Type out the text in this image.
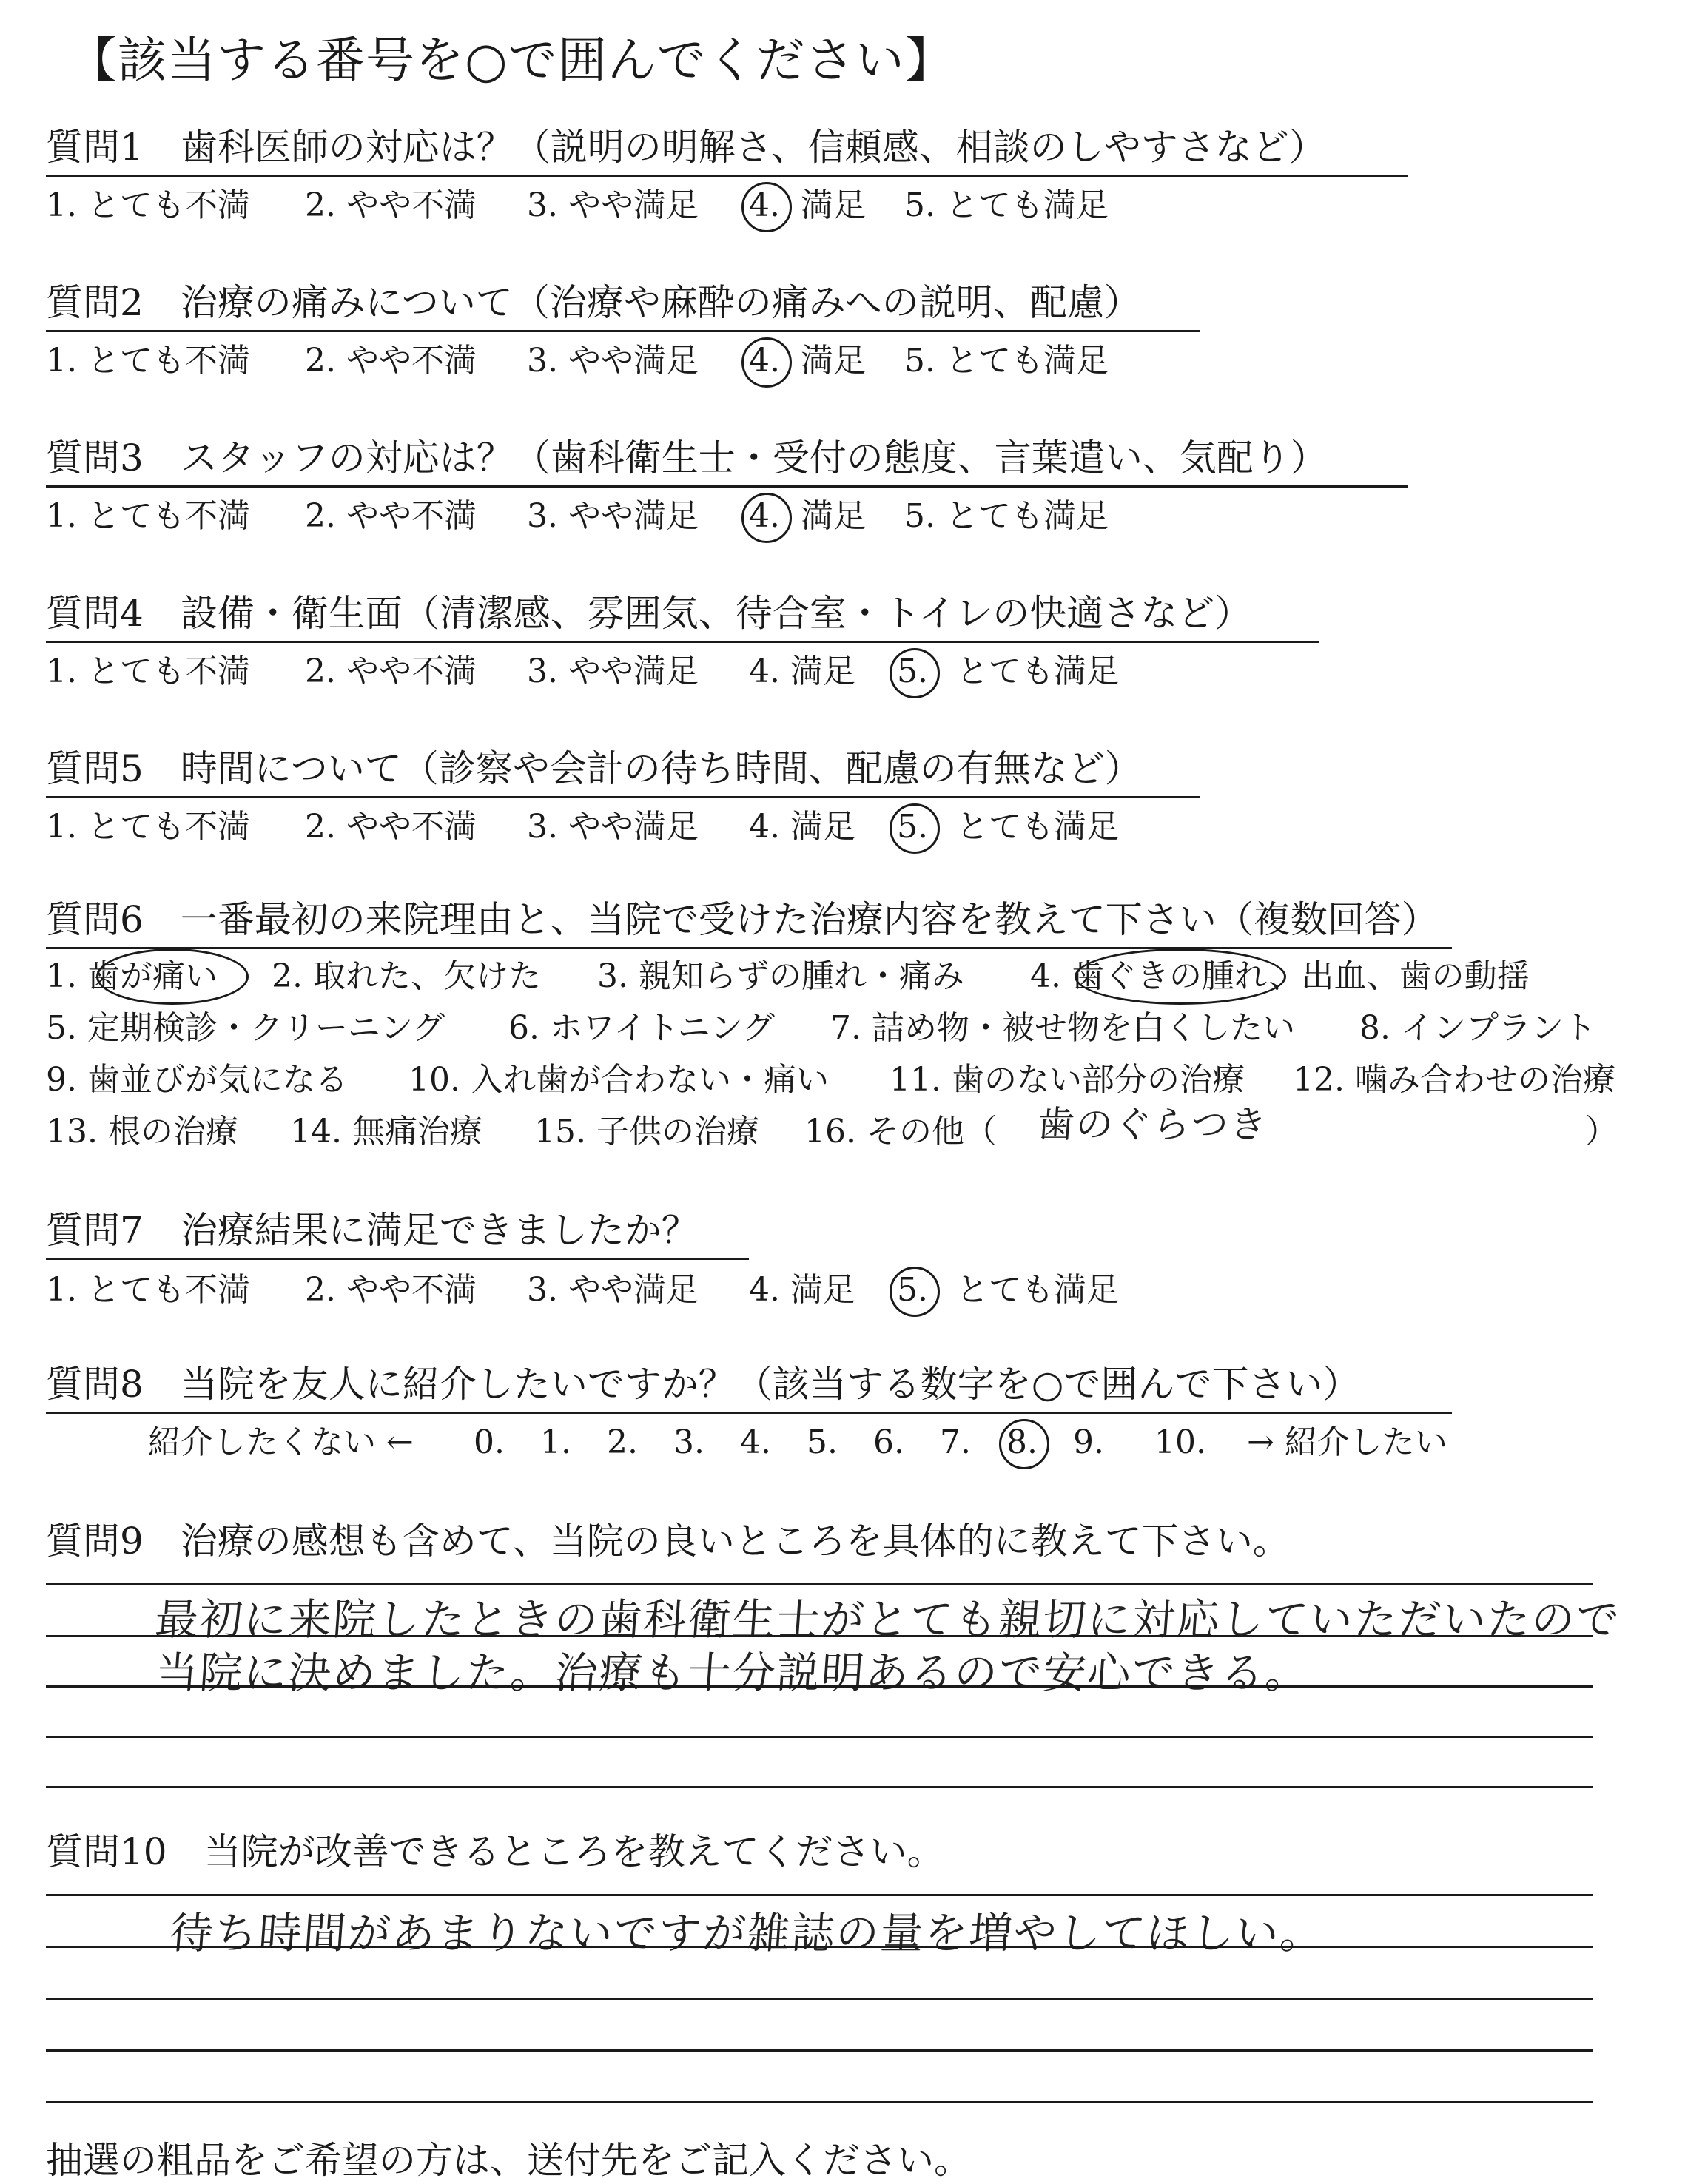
【該当する番号を○で囲んでください】
質問1　 歯科医師の対応は？（説明の明解さ、信頼感、相談のしやすさなど）
1. とても不満 2. やや不満 3. やや満足 4. 満足 5. とても満足
質問2　 治療の痛みについて（治療や麻酔の痛みへの説明、配慮）
1. とても不満 2. やや不満 3. やや満足 4. 満足 5. とても満足
質問3　 スタッフの対応は？（歯科衛生士・受付の態度、言葉遣い、気配り）
1. とても不満 2. やや不満 3. やや満足 4. 満足 5. とても満足
質問4　 設備・衛生面（清潔感、雰囲気、待合室・トイレの快適さなど）
1. とても不満 2. やや不満 3. やや満足 4. 満足 5. とても満足
質問5　 時間について（診察や会計の待ち時間、配慮の有無など）
1. とても不満 2. やや不満 3. やや満足 4. 満足 5. とても満足
質問6　 一番最初の来院理由と、当院で受けた治療内容を教えて下さい（複数回答）
1. 歯が痛い 2. 取れた、欠けた 3. 親知らずの腫れ・痛み 4. 歯ぐきの腫れ、出血、歯の動揺
5. 定期検診・クリーニング 6. ホワイトニング 7. 詰め物・被せ物を白くしたい 8. インプラント
9. 歯並びが気になる 10. 入れ歯が合わない・痛い 11. 歯のない部分の治療 12. 噛み合わせの治療
13. 根の治療 14. 無痛治療 15. 子供の治療 16. その他（ 歯のぐらつき	）
質問7　 治療結果に満足できましたか？
1. とても不満 2. やや不満 3. やや満足 4. 満足 5. とても満足
質問8　 当院を友人に紹介したいですか？（該当する数字を○で囲んで下さい）
紹介したくない ← 0. 1. 2. 3. 4. 5. 6. 7. 8. 9. 10. → 紹介したい
質問9　 治療の感想も含めて、当院の良いところを具体的に教えて下さい。
最初に来院したときの歯科衛生士がとても親切に対応していただいたので
当院に決めました。治療も十分説明あるので安心できる。
質問10　 当院が改善できるところを教えてください。
待ち時間があまりないですが雑誌の量を増やしてほしい。
抽選の粗品をご希望の方は、送付先をご記入ください。
